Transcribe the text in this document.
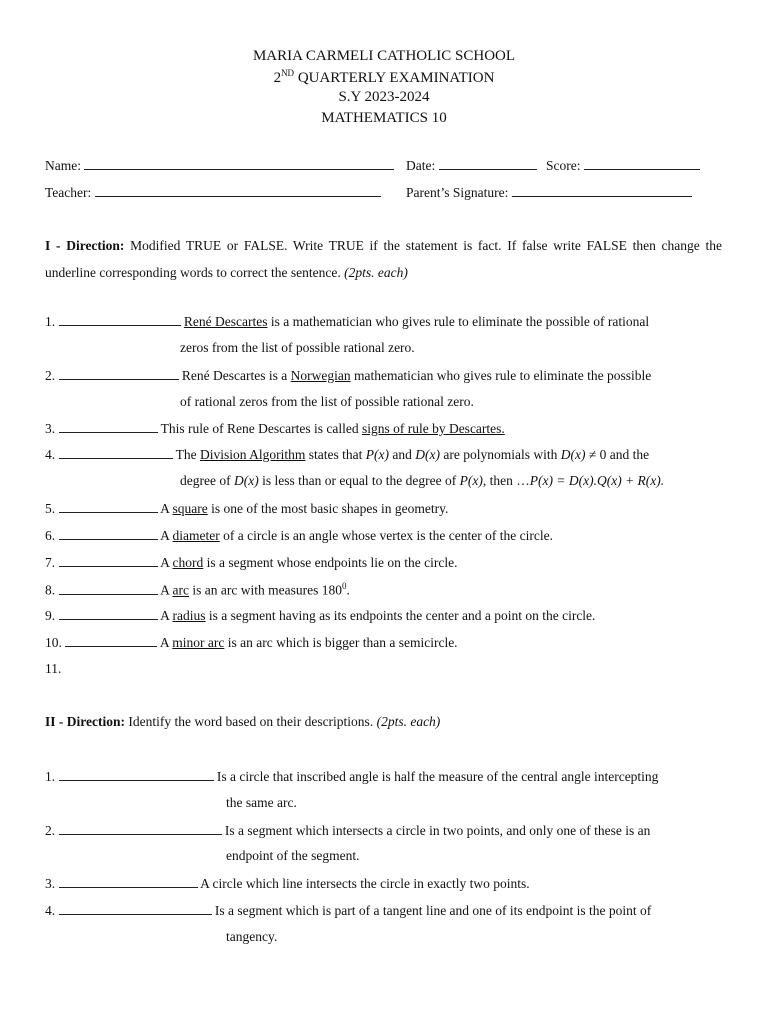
MARIA CARMELI CATHOLIC SCHOOL
2ND QUARTERLY EXAMINATION
S.Y 2023-2024
MATHEMATICS 10
Name:	Date:	Score:
Teacher:	Parent’s Signature:
I - Direction: Modified TRUE or FALSE. Write TRUE if the statement is fact. If false write FALSE then change the underline corresponding words to correct the sentence. (2pts. each)
1.	René Descartes is a mathematician who gives rule to eliminate the possible of rational
zeros from the list of possible rational zero.
2.	René Descartes is a Norwegian mathematician who gives rule to eliminate the possible
of rational zeros from the list of possible rational zero.
3.	This rule of Rene Descartes is called signs of rule by Descartes.
4.	The Division Algorithm states that P(x) and D(x) are polynomials with D(x) ≠ 0 and the
degree of D(x) is less than or equal to the degree of P(x), then …P(x) = D(x).Q(x) + R(x).
5.	A square is one of the most basic shapes in geometry.
6.	A diameter of a circle is an angle whose vertex is the center of the circle.
7.	A chord is a segment whose endpoints lie on the circle.
8.	A arc is an arc with measures $180^0$.
9.	A radius is a segment having as its endpoints the center and a point on the circle.
10.	A minor arc is an arc which is bigger than a semicircle.
11.
II - Direction: Identify the word based on their descriptions. (2pts. each)
1.	Is a circle that inscribed angle is half the measure of the central angle intercepting
the same arc.
2.	Is a segment which intersects a circle in two points, and only one of these is an
endpoint of the segment.
3.	A circle which line intersects the circle in exactly two points.
4.	Is a segment which is part of a tangent line and one of its endpoint is the point of
tangency.
